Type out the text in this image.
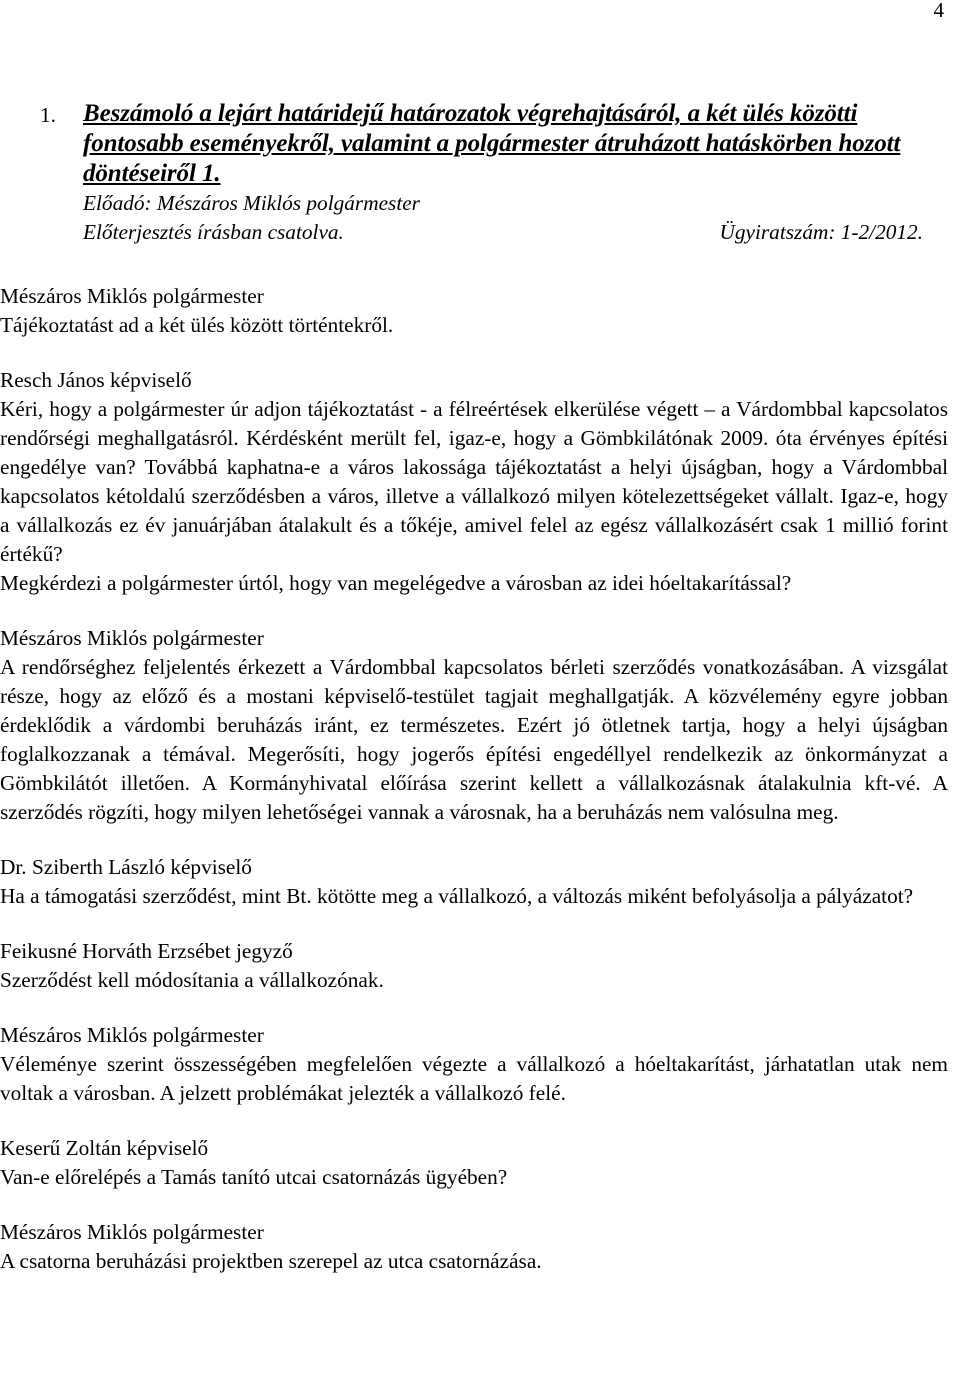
4
1. Beszámoló a lejárt határidejű határozatok végrehajtásáról, a két ülés közötti fontosabb eseményekről, valamint a polgármester átruházott hatáskörben hozott döntéseiről 1.
Előadó: Mészáros Miklós polgármester
Előterjesztés írásban csatolva.	Ügyiratszám: 1-2/2012.
Mészáros Miklós polgármester
Tájékoztatást ad a két ülés között történtekről.
Resch János képviselő
Kéri, hogy a polgármester úr adjon tájékoztatást - a félreértések elkerülése végett – a Várdombbal kapcsolatos rendőrségi meghallgatásról. Kérdésként merült fel, igaz-e, hogy a Gömbkilátónak 2009. óta érvényes építési engedélye van? Továbbá kaphatna-e a város lakossága tájékoztatást a helyi újságban, hogy a Várdombbal kapcsolatos kétoldalú szerződésben a város, illetve a vállalkozó milyen kötelezettségeket vállalt. Igaz-e, hogy a vállalkozás ez év januárjában átalakult és a tőkéje, amivel felel az egész vállalkozásért csak 1 millió forint értékű?
Megkérdezi a polgármester úrtól, hogy van megelégedve a városban az idei hóeltakarítással?
Mészáros Miklós polgármester
A rendőrséghez feljelentés érkezett a Várdombbal kapcsolatos bérleti szerződés vonatkozásában. A vizsgálat része, hogy az előző és a mostani képviselő-testület tagjait meghallgatják. A közvélemény egyre jobban érdeklődik a várdombi beruházás iránt, ez természetes. Ezért jó ötletnek tartja, hogy a helyi újságban foglalkozzanak a témával. Megerősíti, hogy jogerős építési engedéllyel rendelkezik az önkormányzat a Gömbkilátót illetően. A Kormányhivatal előírása szerint kellett a vállalkozásnak átalakulnia kft-vé. A szerződés rögzíti, hogy milyen lehetőségei vannak a városnak, ha a beruházás nem valósulna meg.
Dr. Sziberth László képviselő
Ha a támogatási szerződést, mint Bt. kötötte meg a vállalkozó, a változás miként befolyásolja a pályázatot?
Feikusné Horváth Erzsébet jegyző
Szerződést kell módosítania a vállalkozónak.
Mészáros Miklós polgármester
Véleménye szerint összességében megfelelően végezte a vállalkozó a hóeltakarítást, járhatatlan utak nem voltak a városban. A jelzett problémákat jelezték a vállalkozó felé.
Keserű Zoltán képviselő
Van-e előrelépés a Tamás tanító utcai csatornázás ügyében?
Mészáros Miklós polgármester
A csatorna beruházási projektben szerepel az utca csatornázása.
